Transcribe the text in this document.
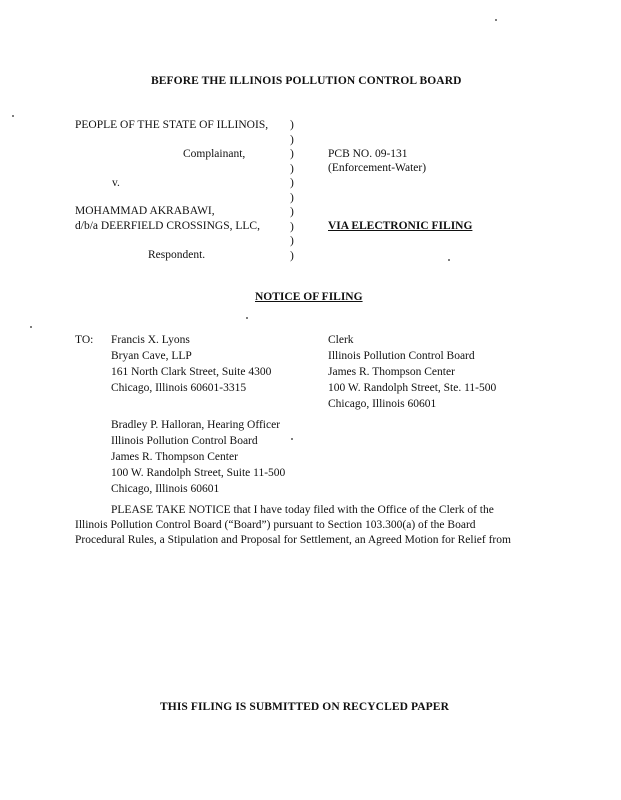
BEFORE THE ILLINOIS POLLUTION CONTROL BOARD
PEOPLE OF THE STATE OF ILLINOIS,
Complainant,
v.
MOHAMMAD AKRABAWI,
d/b/a DEERFIELD CROSSINGS, LLC,
Respondent.
)
)
)
)
)
)
)
)
)
)
PCB NO. 09-131
(Enforcement-Water)
VIA ELECTRONIC FILING
NOTICE OF FILING
TO: Francis X. Lyons
Bryan Cave, LLP
161 North Clark Street, Suite 4300
Chicago, Illinois 60601-3315
Clerk
Illinois Pollution Control Board
James R. Thompson Center
100 W. Randolph Street, Ste. 11-500
Chicago, Illinois 60601
Bradley P. Halloran, Hearing Officer
Illinois Pollution Control Board
James R. Thompson Center
100 W. Randolph Street, Suite 11-500
Chicago, Illinois 60601
PLEASE TAKE NOTICE that I have today filed with the Office of the Clerk of the
Illinois Pollution Control Board (“Board”) pursuant to Section 103.300(a) of the Board
Procedural Rules, a Stipulation and Proposal for Settlement, an Agreed Motion for Relief from
THIS FILING IS SUBMITTED ON RECYCLED PAPER
